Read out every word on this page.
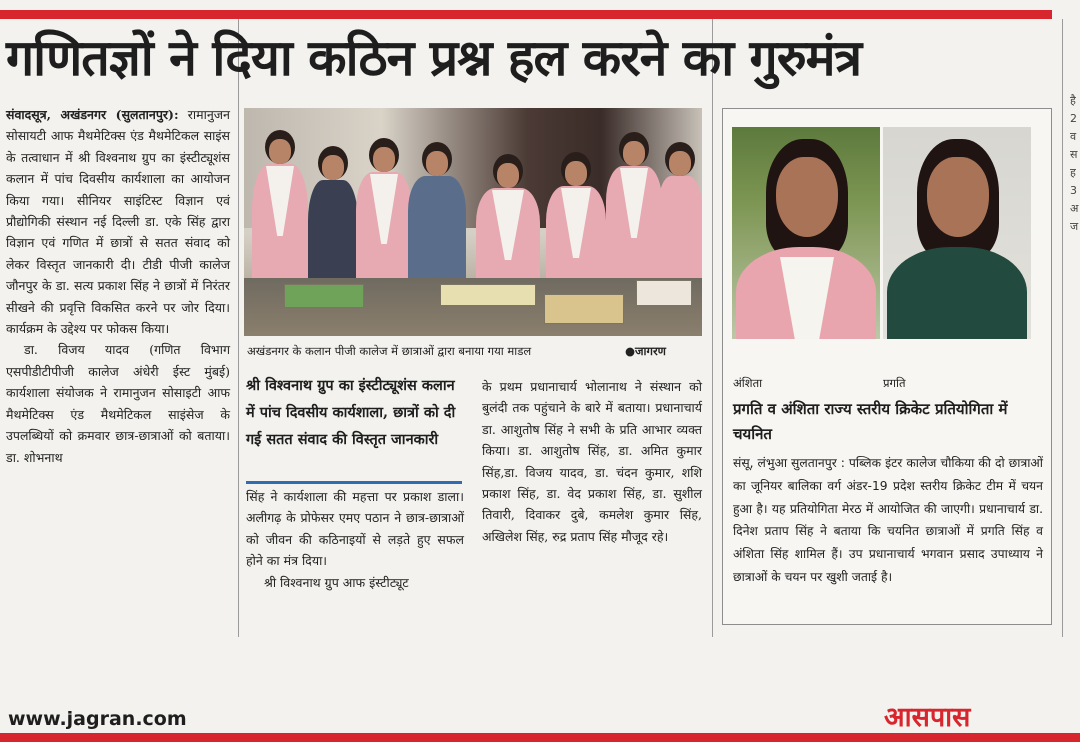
गणितज्ञों ने दिया कठिन प्रश्न हल करने का गुरुमंत्र

संवादसूत्र, अखंडनगर (सुलतानपुर): रामानुजन सोसायटी आफ मैथमेटिक्स एंड मैथमेटिकल साइंस के तत्वाधान में श्री विश्वनाथ ग्रुप का इंस्टीट्यूशंस कलान में पांच दिवसीय कार्यशाला का आयोजन किया गया। सीनियर साइंटिस्ट विज्ञान एवं प्रौद्योगिकी संस्थान नई दिल्ली डा. एके सिंह द्वारा विज्ञान एवं गणित में छात्रों से सतत संवाद को लेकर विस्तृत जानकारी दी। टीडी पीजी कालेज जौनपुर के डा. सत्य प्रकाश सिंह ने छात्रों में निरंतर सीखने की प्रवृत्ति विकसित करने पर जोर दिया। कार्यक्रम के उद्देश्य पर फोकस किया।

डा. विजय यादव (गणित विभाग एसपीडीटीपीजी कालेज अंधेरी ईस्ट मुंबई) कार्यशाला संयोजक ने रामानुजन सोसाइटी आफ मैथमेटिक्स एंड मैथमेटिकल साइंसेज के उपलब्धियों को क्रमवार छात्र-छात्राओं को बताया। डा. शोभनाथ

अखंडनगर के कलान पीजी कालेज में छात्राओं द्वारा बनाया गया माडल	●जागरण
श्री विश्वनाथ ग्रुप का इंस्टीट्यूशंस कलान में पांच दिवसीय कार्यशाला, छात्रों को दी गई सतत संवाद की विस्तृत जानकारी

सिंह ने कार्यशाला की महत्ता पर प्रकाश डाला। अलीगढ़ के प्रोफेसर एमए पठान ने छात्र-छात्राओं को जीवन की कठिनाइयों से लड़ते हुए सफल होने का मंत्र दिया।

श्री विश्वनाथ ग्रुप आफ इंस्टीट्यूट

के प्रथम प्रधानाचार्य भोलानाथ ने संस्थान को बुलंदी तक पहुंचाने के बारे में बताया। प्रधानाचार्य डा. आशुतोष सिंह ने सभी के प्रति आभार व्यक्त किया। डा. आशुतोष सिंह, डा. अमित कुमार सिंह,डा. विजय यादव, डा. चंदन कुमार, शशि प्रकाश सिंह, डा. वेद प्रकाश सिंह, डा. सुशील तिवारी, दिवाकर दुबे, कमलेश कुमार सिंह, अखिलेश सिंह, रुद्र प्रताप सिंह मौजूद रहे।

अंशिता	प्रगति
प्रगति व अंशिता राज्य स्तरीय क्रिकेट प्रतियोगिता में चयनित

संसू, लंभुआ सुलतानपुर : पब्लिक इंटर कालेज चौकिया की दो छात्राओं का जूनियर बालिका वर्ग अंडर-19 प्रदेश स्तरीय क्रिकेट टीम में चयन हुआ है। यह प्रतियोगिता मेरठ में आयोजित की जाएगी। प्रधानाचार्य डा. दिनेश प्रताप सिंह ने बताया कि चयनित छात्राओं में प्रगति सिंह व अंशिता सिंह शामिल हैं। उप प्रधानाचार्य भगवान प्रसाद उपाध्याय ने छात्राओं के चयन पर खुशी जताई है।

है
2
व
स
ह
3
अ
ज
www.jagran.com	आसपास
